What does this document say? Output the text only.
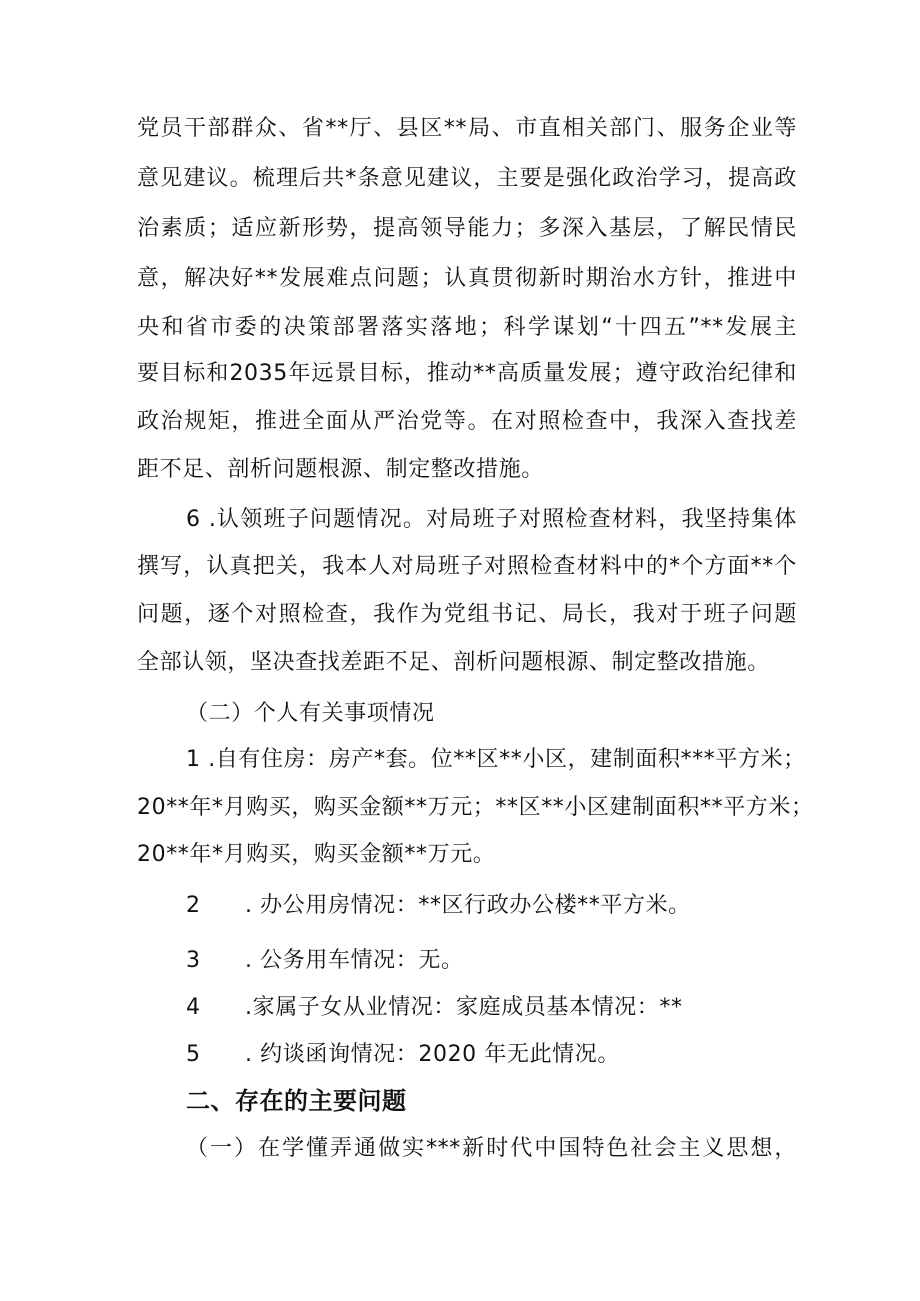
党员干部群众、省**厅、县区**局、市直相关部门、服务企业等
意见建议。梳理后共*条意见建议，主要是强化政治学习，提高政
治素质；适应新形势，提高领导能力；多深入基层，了解民情民
意，解决好**发展难点问题；认真贯彻新时期治水方针，推进中
央和省市委的决策部署落实落地；科学谋划“十四五”**发展主
要目标和2035年远景目标，推动**高质量发展；遵守政治纪律和
政治规矩，推进全面从严治党等。在对照检查中，我深入查找差
距不足、剖析问题根源、制定整改措施。
6 .认领班子问题情况。对局班子对照检查材料，我坚持集体
撰写，认真把关，我本人对局班子对照检查材料中的*个方面**个
问题，逐个对照检查，我作为党组书记、局长，我对于班子问题
全部认领，坚决查找差距不足、剖析问题根源、制定整改措施。
（二）个人有关事项情况
1 .自有住房：房产*套。位**区**小区，建制面积***平方米；
20**年*月购买，购买金额**万元；**区**小区建制面积**平方米；
20**年*月购买，购买金额**万元。
2 . 办公用房情况：**区行政办公楼**平方米。
3 . 公务用车情况：无。
4 .家属子女从业情况：家庭成员基本情况：**
5 . 约谈函询情况：2020 年无此情况。
二、存在的主要问题
（一）在学懂弄通做实***新时代中国特色社会主义思想，
